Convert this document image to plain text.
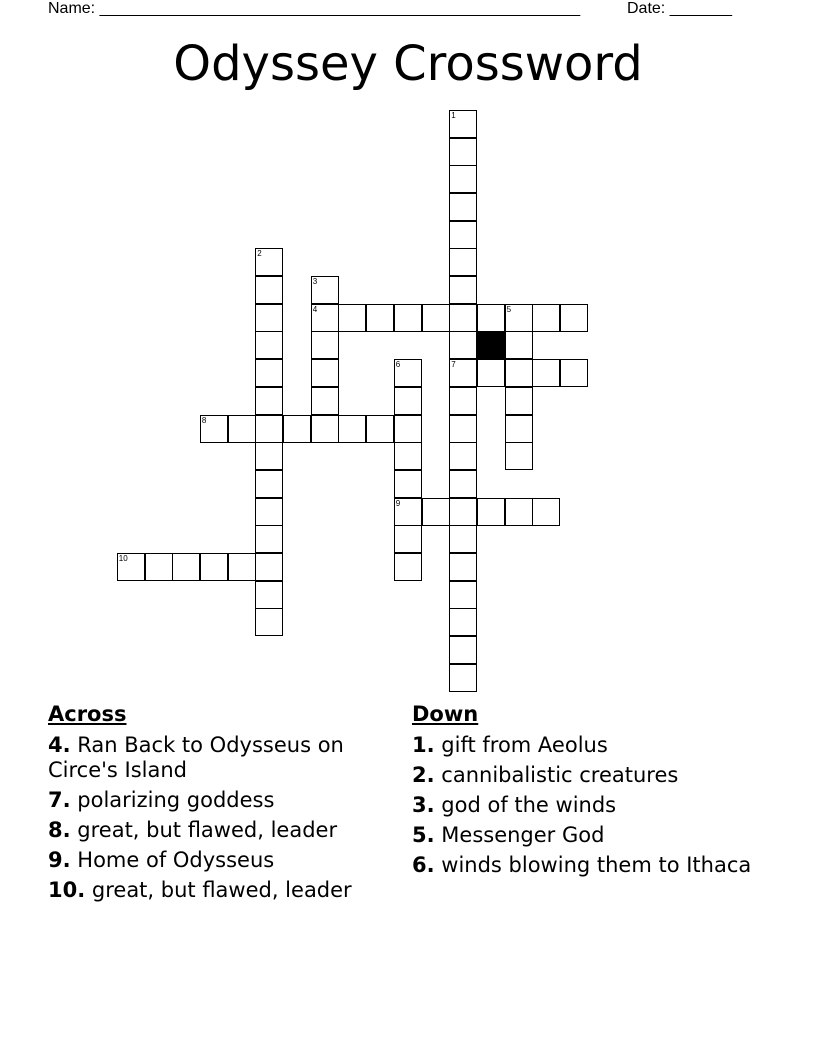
Name: ______________________________________________________	Date: _______
Odyssey Crossword
1
7
2
3
4	5
6
9
8
10
Across
4. Ran Back to Odysseus on Circe's Island
7. polarizing goddess
8. great, but flawed, leader
9. Home of Odysseus
10. great, but flawed, leader
Down
1. gift from Aeolus
2. cannibalistic creatures
3. god of the winds
5. Messenger God
6. winds blowing them to Ithaca
